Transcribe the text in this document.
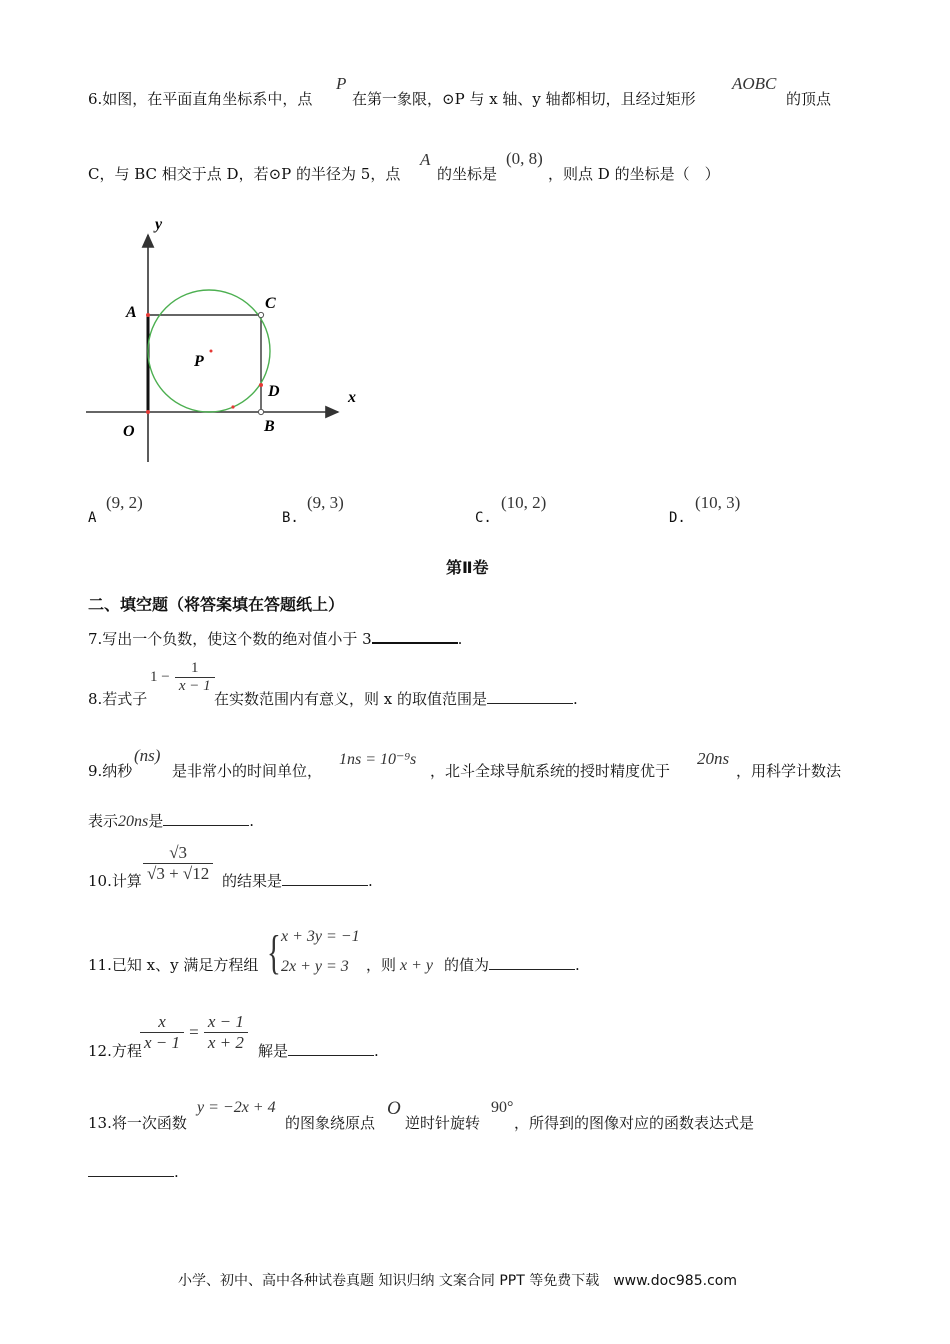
6.如图，在平面直角坐标系中，点
P
在第一象限，⊙P 与 x 轴、y 轴都相切，且经过矩形
AOBC
的顶点
C，与 BC 相交于点 D，若⊙P 的半径为 5，点
A
的坐标是
(0, 8)
，则点 D 的坐标是（　）
y
x
A
C
P
D
O	B
A
(9, 2)
B.
(9, 3)
C.
(10, 2)
D.
(10, 3)
第Ⅱ卷
二、填空题（将答案填在答题纸上）
7.写出一个负数，使这个数的绝对值小于 3	.
8.若式子
$1 - \frac{1}{x - 1}$
在实数范围内有意义，则 x 的取值范围是	.
9.纳秒
(ns)
是非常小的时间单位，
1ns = 10⁻⁹s
，北斗全球导航系统的授时精度优于
20ns
，用科学计数法
表示20ns是	.
10.计算 $\frac{√3}{√3 + √12}$ 的结果是	.
11.已知 x、y 满足方程组 { x + 3y = −1
2x + y = 3 ，则 x + y 的值为	.
12.方程
$\frac{x}{x - 1} = \frac{x - 1}{x + 2}$ 解是	.
13.将一次函数
y = −2x + 4
的图象绕原点
O
逆时针旋转
90°
，所得到的图像对应的函数表达式是
.
小学、初中、高中各种试卷真题 知识归纳 文案合同 PPT 等免费下载　www.doc985.com
